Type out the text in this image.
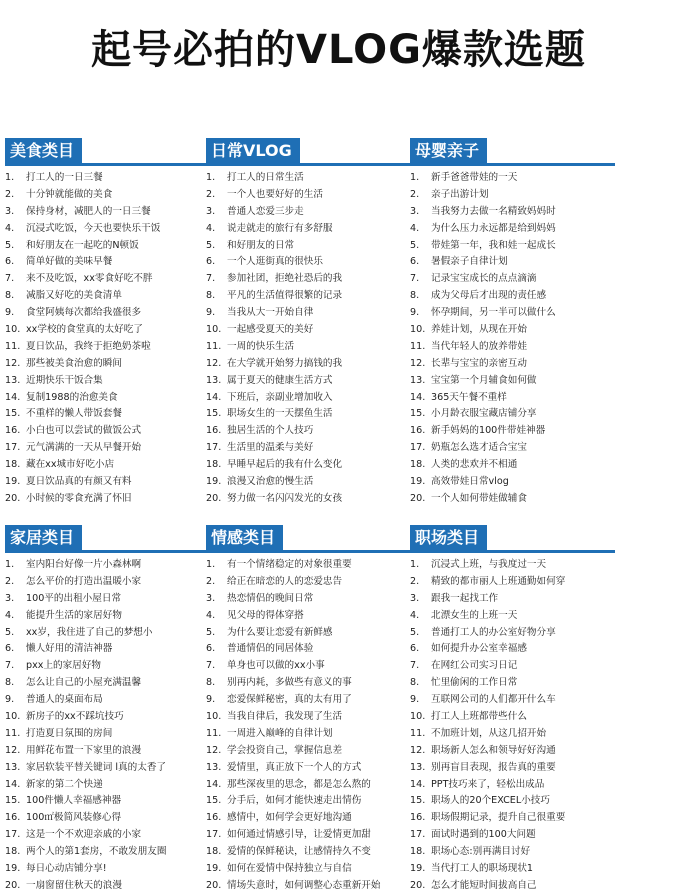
起号必拍的VLOG爆款选题
美食类目
1.	打工人的一日三餐
2.	十分钟就能做的美食
3.	保持身材，减肥人的一日三餐
4.	沉浸式吃饭，今天也要快乐干饭
5.	和好朋友在一起吃的N顿饭
6.	简单好做的美味早餐
7.	来不及吃饭，xx零食好吃不胖
8.	减脂又好吃的美食清单
9.	食堂阿姨每次都给我盛很多
10. xx学校的食堂真的太好吃了
11. 夏日饮品，我终于拒绝奶茶啦
12. 那些被美食治愈的瞬间
13. 近期快乐干饭合集
14. 复制1988的治愈美食
15. 不重样的懒人带饭套餐
16. 小白也可以尝试的做饭公式
17. 元气满满的一天从早餐开始
18. 藏在xx城市好吃小店
19. 夏日饮品真的有颜又有料
20. 小时候的零食充满了怀旧
日常VLOG
1.	打工人的日常生活
2.	一个人也要好好的生活
3.	普通人恋爱三步走
4.	说走就走的旅行有多舒服
5.	和好朋友的日常
6.	一个人逛街真的很快乐
7.	参加社团，拒绝社恐后的我
8.	平凡的生活值得很繁的记录
9.	当我从大一开始自律
10. 一起感受夏天的美好
11. 一周的快乐生活
12. 在大学就开始努力搞钱的我
13. 属于夏天的健康生活方式
14. 下班后，亲副业增加收入
15. 职场女生的一天摆鱼生活
16. 独居生活的个人技巧
17. 生活里的温柔与美好
18. 早睡早起后的我有什么变化
19. 浪漫又治愈的慢生活
20. 努力做一名闪闪发光的女孩
母婴亲子
1.	新手爸爸带娃的一天
2.	亲子出游计划
3.	当我努力去做一名精致妈妈时
4.	为什么压力永远都是给到妈妈
5.	带娃第一年，我和娃一起成长
6.	暑假亲子自律计划
7.	记录宝宝成长的点点滴滴
8.	成为父母后才出现的责任感
9.	怀孕期间，另一半可以做什么
10. 养娃计划，从现在开始
11. 当代年轻人的放养带娃
12. 长辈与宝宝的亲密互动
13. 宝宝第一个月辅食如何做
14. 365天午餐不重样
15. 小月龄衣服宝藏店铺分享
16. 新手妈妈的100件带娃神器
17. 奶瓶怎么选才适合宝宝
18. 人类的悲欢并不相通
19. 高效带娃日常vlog
20. 一个人如何带娃做辅食
家居类目
1.	室内阳台好像一片小森林啊
2.	怎么平价的打造出温暖小家
3.	100平的出租小屋日常
4.	能提升生活的家居好物
5.	xx岁，我住进了自己的梦想小
6.	懒人好用的清洁神器
7.	pxx上的家居好物
8.	怎么让自己的小屋充满温馨
9.	普通人的桌面布局
10. 新房子的xx不踩坑技巧
11. 打造夏日氛围的房间
12. 用鲜花布置一下家里的浪漫
13. 家居软装平替关键词 l真的太香了
14. 新家的第二个快递
15. 100件懒人幸福感神器
16. 100㎡极简风装修心得
17. 这是一个不欢迎亲戚的小家
18. 两个人的第1套房，不敢发朋友圈
19. 每日心动店铺分享!
20. 一扇窗留住秋天的浪漫
情感类目
1.	有一个情绪稳定的对象很重要
2.	给正在暗恋的人的恋爱忠告
3.	热恋情侣的晚间日常
4.	见父母的得体穿搭
5.	为什么要让恋爱有新鲜感
6.	普通情侣的同居体验
7.	单身也可以做的xx小事
8.	别再内耗，多做些有意义的事
9.	恋爱保鲜秘密，真的太有用了
10. 当我自律后，我发现了生活
11. 一周进入巅峰的自律计划
12. 学会投资自己，掌握信息差
13. 爱情里，真正放下一个人的方式
14. 那些深夜里的思念，都是怎么熬的
15. 分手后，如何才能快速走出情伤
16. 感情中，如何学会更好地沟通
17. 如何通过情感引导，让爱情更加甜
18. 爱情的保鲜秘诀，让感情持久不变
19. 如何在爱情中保持独立与自信
20. 情场失意时，如何调整心态重新开始
职场类目
1.	沉浸式上班，与我度过一天
2.	精致的都市丽人上班通勤如何穿
3.	跟我一起找工作
4.	北漂女生的上班一天
5.	普通打工人的办公室好物分享
6.	如何提升办公室幸福感
7.	在网红公司实习日记
8.	忙里偷闲的工作日常
9.	互联网公司的人们都开什么车
10. 打工人上班都带些什么
11. 不加班计划，从这几招开始
12. 职场新人怎么和领导好好沟通
13. 别再盲目表现，报告真的重要
14. PPT技巧来了，轻松出成品
15. 职场人的20个EXCEL小技巧
16. 职场假期记录，提升自己很重要
17. 面试时遇到的100大问题
18. 职场心态:别再满目讨好
19. 当代打工人的职场现状1
20. 怎么才能短时间拔高自己
